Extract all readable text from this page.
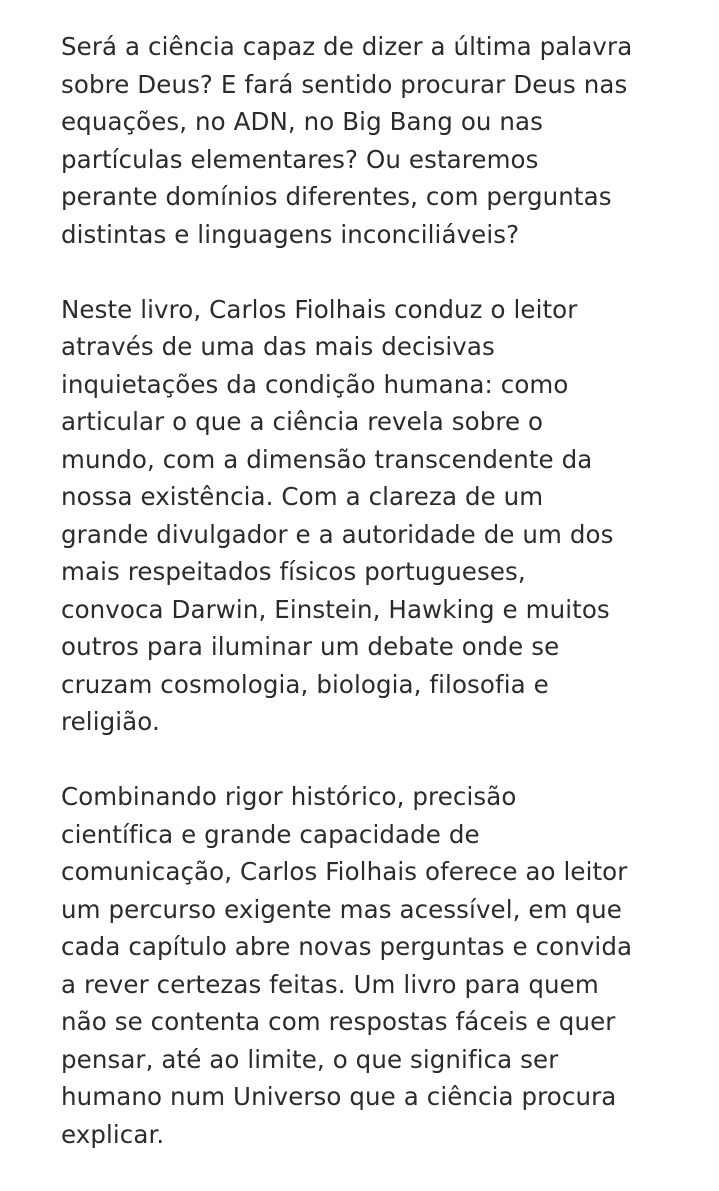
Será a ciência capaz de dizer a última palavra
sobre Deus? E fará sentido procurar Deus nas
equações, no ADN, no Big Bang ou nas
partículas elementares? Ou estaremos
perante domínios diferentes, com perguntas
distintas e linguagens inconciliáveis?

Neste livro, Carlos Fiolhais conduz o leitor
através de uma das mais decisivas
inquietações da condição humana: como
articular o que a ciência revela sobre o
mundo, com a dimensão transcendente da
nossa existência. Com a clareza de um
grande divulgador e a autoridade de um dos
mais respeitados físicos portugueses,
convoca Darwin, Einstein, Hawking e muitos
outros para iluminar um debate onde se
cruzam cosmologia, biologia, filosofia e
religião.

Combinando rigor histórico, precisão
científica e grande capacidade de
comunicação, Carlos Fiolhais oferece ao leitor
um percurso exigente mas acessível, em que
cada capítulo abre novas perguntas e convida
a rever certezas feitas. Um livro para quem
não se contenta com respostas fáceis e quer
pensar, até ao limite, o que significa ser
humano num Universo que a ciência procura
explicar.
